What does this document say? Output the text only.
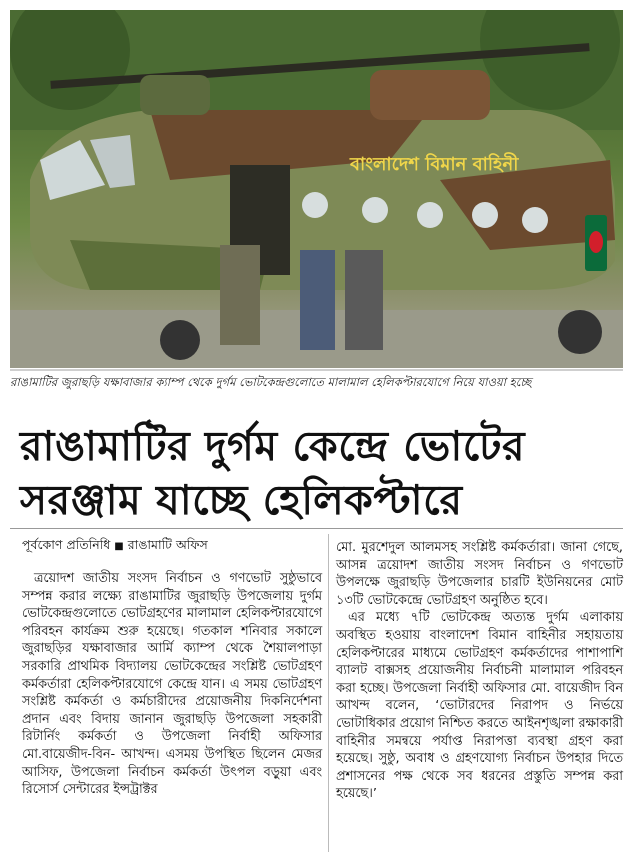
বাংলাদেশ বিমান বাহিনী
রাঙামাটির জুরাছড়ি যক্ষাবাজার ক্যাম্প থেকে দুর্গম ভোটকেন্দ্রগুলোতে মালামাল হেলিকপ্টারযোগে নিয়ে যাওয়া হচ্ছে
রাঙামাটির দুর্গম কেন্দ্রে ভোটের
সরঞ্জাম যাচ্ছে হেলিকপ্টারে
পূর্বকোণ প্রতিনিধি ■ রাঙামাটি অফিস

ত্রয়োদশ জাতীয় সংসদ নির্বাচন ও গণভোট সুষ্ঠুভাবে সম্পন্ন করার লক্ষ্যে রাঙামাটির জুরাছড়ি উপজেলায় দুর্গম ভোটকেন্দ্রগুলোতে ভোটগ্রহণের মালামাল হেলিকপ্টারযোগে পরিবহন কার্যক্রম শুরু হয়েছে। গতকাল শনিবার সকালে জুরাছড়ির যক্ষাবাজার আর্মি ক্যাম্প থেকে শৈয়ালপাড়া সরকারি প্রাথমিক বিদ্যালয় ভোটকেন্দ্রের সংশ্লিষ্ট ভোটগ্রহণ কর্মকর্তারা হেলিকপ্টারযোগে কেন্দ্রে যান। এ সময় ভোটগ্রহণ সংশ্লিষ্ট কর্মকর্তা ও কর্মচারীদের প্রয়োজনীয় দিকনির্দেশনা প্রদান এবং বিদায় জানান জুরাছড়ি উপজেলা সহকারী রিটার্নিং কর্মকর্তা ও উপজেলা নির্বাহী অফিসার মো.বায়েজীদ-বিন- আখন্দ। এসময় উপস্থিত ছিলেন মেজর আসিফ, উপজেলা নির্বাচন কর্মকর্তা উৎপল বড়ুয়া এবং রিসোর্স সেন্টারের ইন্সট্রাক্টর

মো. মুরশেদুল আলমসহ সংশ্লিষ্ট কর্মকর্তারা। জানা গেছে, আসন্ন ত্রয়োদশ জাতীয় সংসদ নির্বাচন ও গণভোট উপলক্ষে জুরাছড়ি উপজেলার চারটি ইউনিয়নের মোট ১৩টি ভোটকেন্দ্রে ভোটগ্রহণ অনুষ্ঠিত হবে।

এর মধ্যে ৭টি ভোটকেন্দ্র অত্যন্ত দুর্গম এলাকায় অবস্থিত হওয়ায় বাংলাদেশ বিমান বাহিনীর সহায়তায় হেলিকপ্টারের মাধ্যমে ভোটগ্রহণ কর্মকর্তাদের পাশাপাশি ব্যালট বাক্সসহ প্রয়োজনীয় নির্বাচনী মালামাল পরিবহন করা হচ্ছে। উপজেলা নির্বাহী অফিসার মো. বায়েজীদ বিন আখন্দ বলেন, ‘ভোটারদের নিরাপদ ও নির্ভয়ে ভোটাধিকার প্রয়োগ নিশ্চিত করতে আইনশৃঙ্খলা রক্ষাকারী বাহিনীর সমন্বয়ে পর্যাপ্ত নিরাপত্তা ব্যবস্থা গ্রহণ করা হয়েছে। সুষ্ঠু, অবাধ ও গ্রহণযোগ্য নির্বাচন উপহার দিতে প্রশাসনের পক্ষ থেকে সব ধরনের প্রস্তুতি সম্পন্ন করা হয়েছে।’
